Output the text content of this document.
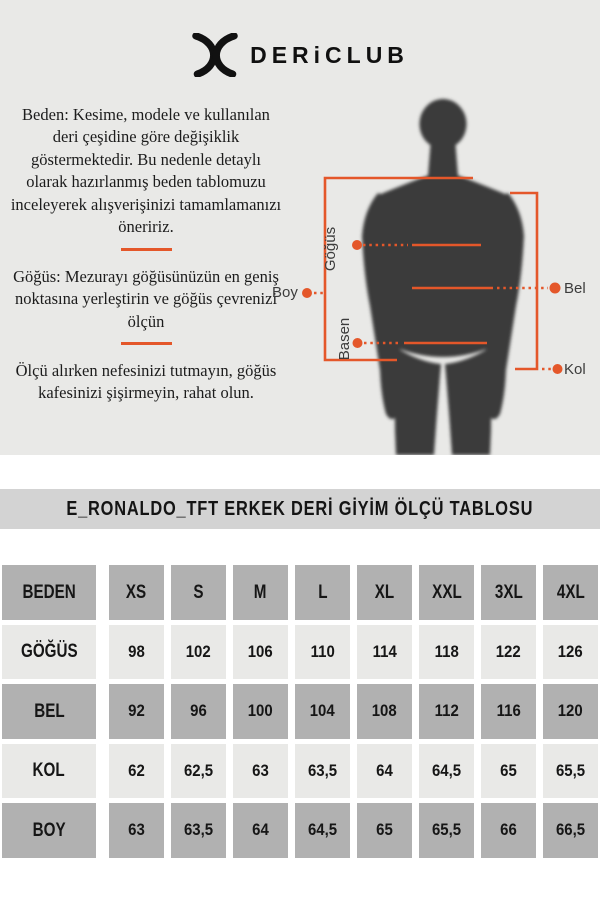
DERiCLUB

Beden: Kesime, modele ve kullanılan deri çeşidine göre değişiklik göstermektedir. Bu nedenle detaylı olarak hazırlanmış beden tablomuzu inceleyerek alışverişinizi tamamlamanızı öneririz.

Göğüs: Mezurayı göğüsünüzün en geniş noktasına yerleştirin ve göğüs çevrenizi ölçün

Ölçü alırken nefesinizi tutmayın, göğüs kafesinizi şişirmeyin, rahat olun.

Göğüs
Boy
Basen
Bel
Kol
E_RONALDO_TFT ERKEK DERİ GİYİM ÖLÇÜ TABLOSU
BEDEN	XS S	M	L XL XXL 3XL 4XL
GÖĞÜS	98 102 106 110 114 118 122 126
BEL	92	96 100 104 108 112 116 120
KOL	62 62,5 63 63,5 64 64,5 65 65,5
BOY	63 63,5 64 64,5 65 65,5 66 66,5
